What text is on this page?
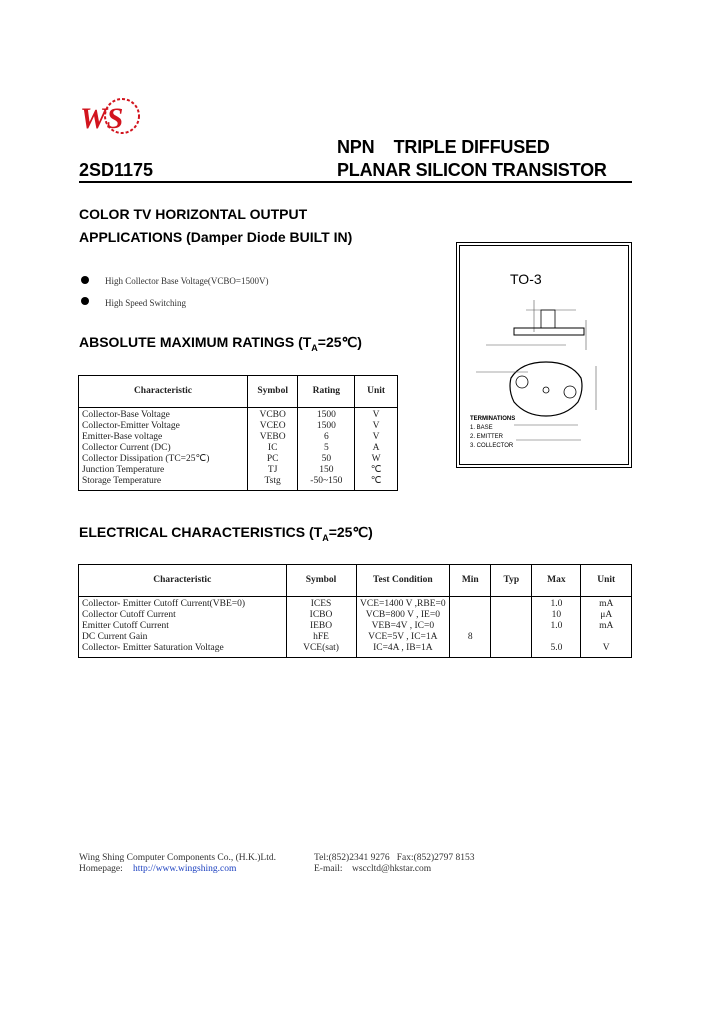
WS
NPN    TRIPLE DIFFUSED
PLANAR SILICON TRANSISTOR
2SD1175
COLOR TV HORIZONTAL OUTPUT
APPLICATIONS (Damper Diode BUILT IN)
High Collector Base Voltage(VCBO=1500V)
High Speed Switching
TO-3
TERMINATIONS
1. BASE
2. EMITTER
3. COLLECTOR
ABSOLUTE MAXIMUM RATINGS $(T_A=25℃)$
Characteristic	Symbol	Rating	Unit
Collector-Base Voltage	VCBO	1500	V
Collector-Emitter Voltage	VCEO	1500	V
Emitter-Base voltage	VEBO	6	V
Collector Current (DC)	IC	5	A
Collector Dissipation (TC=25℃)	PC	50	W
Junction Temperature	TJ	150	℃
Storage Temperature	Tstg	-50~150	℃
ELECTRICAL CHARACTERISTICS $(T_A=25℃)$
Characteristic	Symbol	Test Condition	Min	Typ	Max	Unit
Collector- Emitter Cutoff Current(VBE=0)	ICES	VCE=1400 V ,RBE=0			1.0	mA
Collector Cutoff Current	ICBO	VCB=800 V , IE=0			10	μA
Emitter Cutoff Current	IEBO	VEB=4V , IC=0			1.0	mA
DC Current Gain	hFE	VCE=5V , IC=1A	8			
Collector- Emitter Saturation Voltage	VCE(sat)	IC=4A , IB=1A			5.0	V
Wing Shing Computer Components Co., (H.K.)Ltd.	Tel:(852)2341 9276   Fax:(852)2797 8153
Homepage: http://www.wingshing.com	E-mail: wsccltd@hkstar.com
